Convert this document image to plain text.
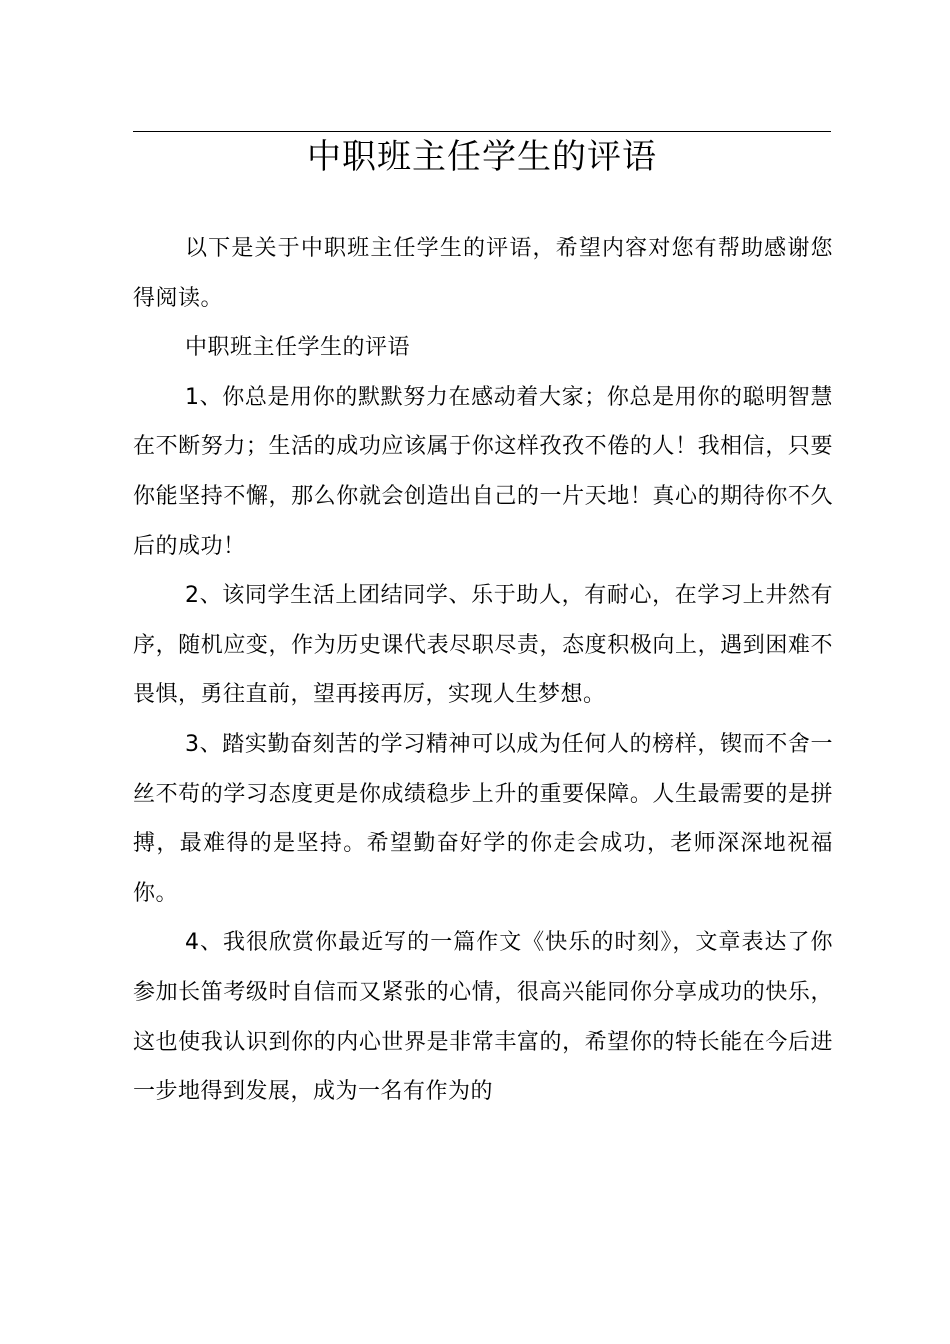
中职班主任学生的评语

以下是关于中职班主任学生的评语，希望内容对您有帮助感谢您得阅读。

中职班主任学生的评语

1、你总是用你的默默努力在感动着大家；你总是用你的聪明智慧在不断努力；生活的成功应该属于你这样孜孜不倦的人！我相信，只要你能坚持不懈，那么你就会创造出自己的一片天地！真心的期待你不久后的成功！

2、该同学生活上团结同学、乐于助人，有耐心，在学习上井然有序，随机应变，作为历史课代表尽职尽责，态度积极向上，遇到困难不畏惧，勇往直前，望再接再厉，实现人生梦想。

3、踏实勤奋刻苦的学习精神可以成为任何人的榜样，锲而不舍一丝不苟的学习态度更是你成绩稳步上升的重要保障。人生最需要的是拼搏，最难得的是坚持。希望勤奋好学的你走会成功，老师深深地祝福你。

4、我很欣赏你最近写的一篇作文《快乐的时刻》，文章表达了你参加长笛考级时自信而又紧张的心情，很高兴能同你分享成功的快乐，这也使我认识到你的内心世界是非常丰富的，希望你的特长能在今后进一步地得到发展，成为一名有作为的
